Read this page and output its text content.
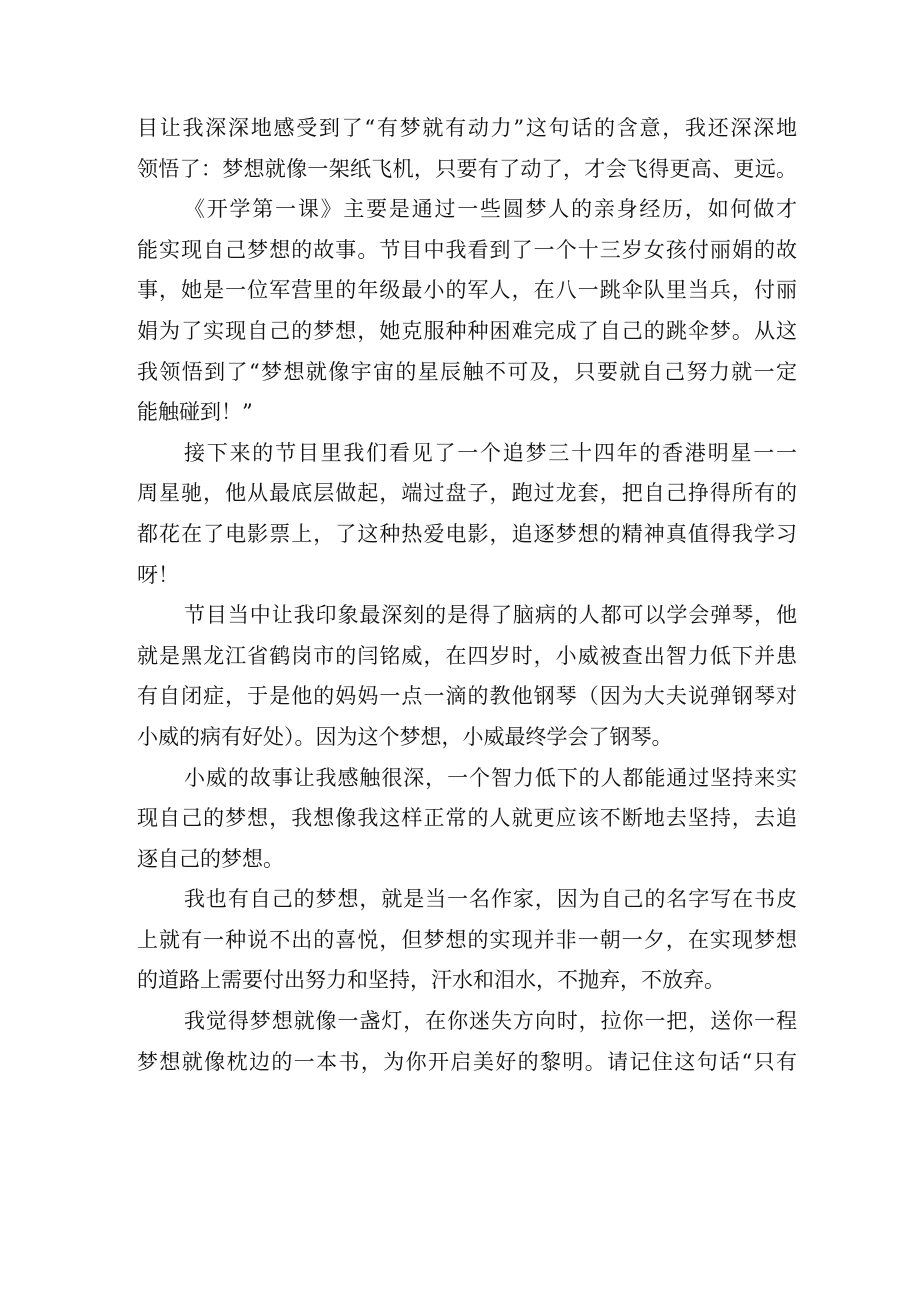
目让我深深地感受到了“有梦就有动力”这句话的含意，我还深深地
领悟了：梦想就像一架纸飞机，只要有了动了，才会飞得更高、更远。
《开学第一课》主要是通过一些圆梦人的亲身经历，如何做才
能实现自己梦想的故事。节目中我看到了一个十三岁女孩付丽娟的故
事，她是一位军营里的年级最小的军人，在八一跳伞队里当兵，付丽
娟为了实现自己的梦想，她克服种种困难完成了自己的跳伞梦。从这
我领悟到了“梦想就像宇宙的星辰触不可及，只要就自己努力就一定
能触碰到！”
接下来的节目里我们看见了一个追梦三十四年的香港明星一一
周星驰，他从最底层做起，端过盘子，跑过龙套，把自己挣得所有的
都花在了电影票上，了这种热爱电影，追逐梦想的精神真值得我学习
呀！
节目当中让我印象最深刻的是得了脑病的人都可以学会弹琴，他
就是黑龙江省鹤岗市的闫铭威，在四岁时，小威被查出智力低下并患
有自闭症，于是他的妈妈一点一滴的教他钢琴（因为大夫说弹钢琴对
小威的病有好处）。因为这个梦想，小威最终学会了钢琴。
小威的故事让我感触很深，一个智力低下的人都能通过坚持来实
现自己的梦想，我想像我这样正常的人就更应该不断地去坚持，去追
逐自己的梦想。
我也有自己的梦想，就是当一名作家，因为自己的名字写在书皮
上就有一种说不出的喜悦，但梦想的实现并非一朝一夕，在实现梦想
的道路上需要付出努力和坚持，汗水和泪水，不抛弃，不放弃。
我觉得梦想就像一盏灯，在你迷失方向时，拉你一把，送你一程
梦想就像枕边的一本书，为你开启美好的黎明。请记住这句话“只有
